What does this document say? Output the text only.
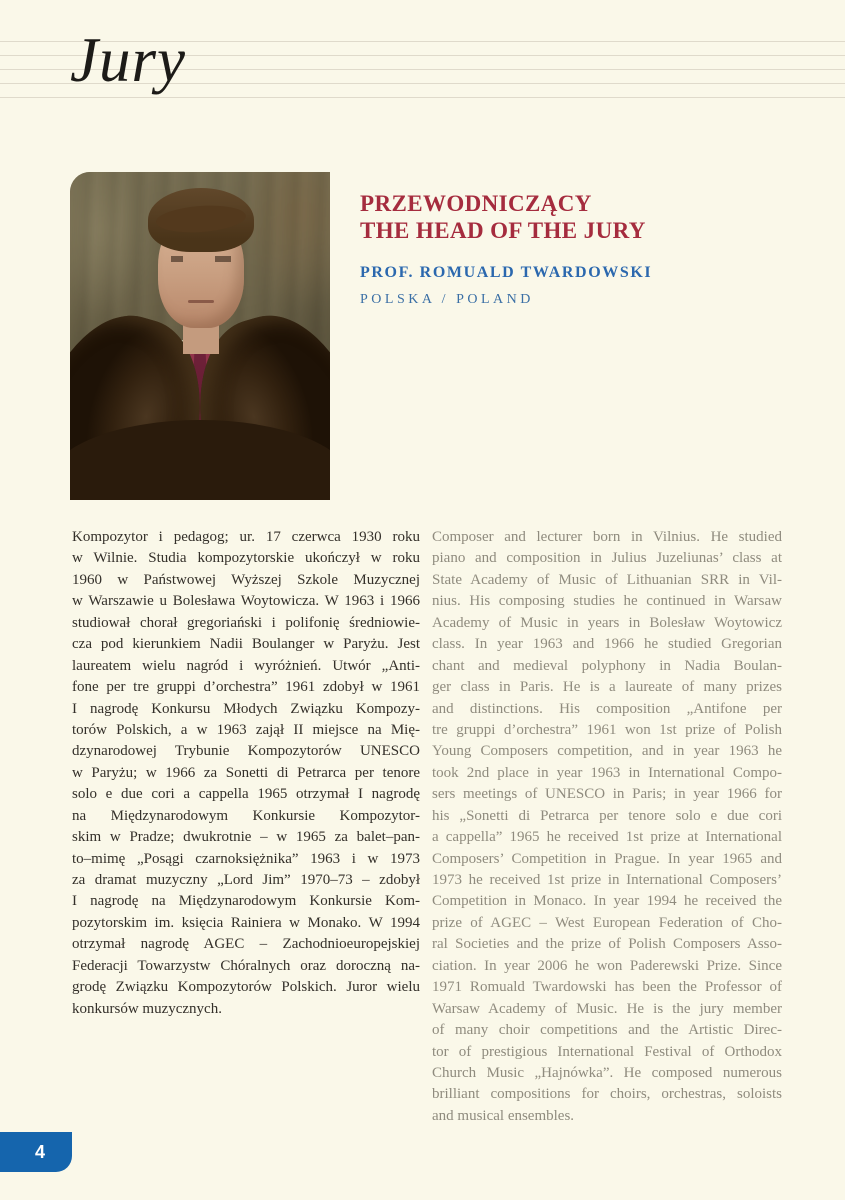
Jury

PRZEWODNICZĄCY

THE HEAD OF THE JURY

PROF. ROMUALD TWARDOWSKI

POLSKA / POLAND

Kompozytor i pedagog; ur. 17 czerwca 1930 roku
w Wilnie. Studia kompozytorskie ukończył w roku
1960 w Państwowej Wyższej Szkole Muzycznej
w Warszawie u Bolesława Woytowicza. W 1963 i 1966
studiował chorał gregoriański i polifonię średniowie-
cza pod kierunkiem Nadii Boulanger w Paryżu. Jest
laureatem wielu nagród i wyróżnień. Utwór „Anti-
fone per tre gruppi d’orchestra” 1961 zdobył w 1961
I nagrodę Konkursu Młodych Związku Kompozy-
torów Polskich, a w 1963 zajął II miejsce na Mię-
dzynarodowej Trybunie Kompozytorów UNESCO
w Paryżu; w 1966 za Sonetti di Petrarca per tenore
solo e due cori a cappella 1965 otrzymał I nagrodę
na Międzynarodowym Konkursie Kompozytor-
skim w Pradze; dwukrotnie – w 1965 za balet–pan-
to–mimę „Posągi czarnoksiężnika” 1963 i w 1973
za dramat muzyczny „Lord Jim” 1970–73 – zdobył
I nagrodę na Międzynarodowym Konkursie Kom-
pozytorskim im. księcia Rainiera w Monako. W 1994
otrzymał nagrodę AGEC – Zachodnioeuropejskiej
Federacji Towarzystw Chóralnych oraz doroczną na-
grodę Związku Kompozytorów Polskich. Juror wielu
konkursów muzycznych.
Composer and lecturer born in Vilnius. He studied
piano and composition in Julius Juzeliunas’ class at
State Academy of Music of Lithuanian SRR in Vil-
nius. His composing studies he continued in Warsaw
Academy of Music in years in Bolesław Woytowicz
class. In year 1963 and 1966 he studied Gregorian
chant and medieval polyphony in Nadia Boulan-
ger class in Paris. He is a laureate of many prizes
and distinctions. His composition „Antifone per
tre gruppi d’orchestra” 1961 won 1st prize of Polish
Young Composers competition, and in year 1963 he
took 2nd place in year 1963 in International Compo-
sers meetings of UNESCO in Paris; in year 1966 for
his „Sonetti di Petrarca per tenore solo e due cori
a cappella” 1965 he received 1st prize at International
Composers’ Competition in Prague. In year 1965 and
1973 he received 1st prize in International Composers’
Competition in Monaco. In year 1994 he received the
prize of AGEC – West European Federation of Cho-
ral Societies and the prize of Polish Composers Asso-
ciation. In year 2006 he won Paderewski Prize. Since
1971 Romuald Twardowski has been the Professor of
Warsaw Academy of Music. He is the jury member
of many choir competitions and the Artistic Direc-
tor of prestigious International Festival of Orthodox
Church Music „Hajnówka”. He composed numerous
brilliant compositions for choirs, orchestras, soloists
and musical ensembles.
4
